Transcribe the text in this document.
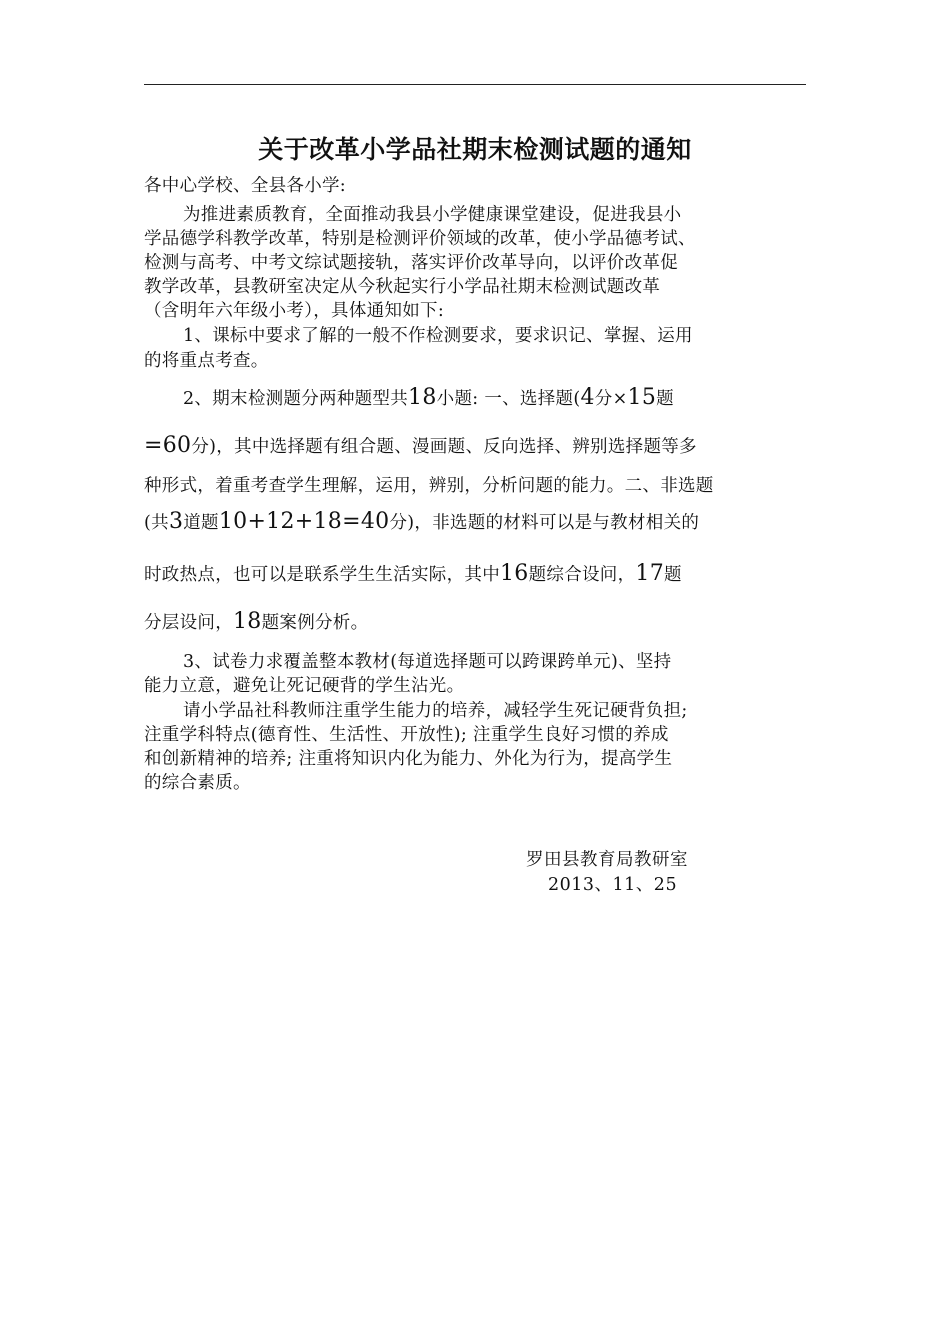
关于改革小学品社期末检测试题的通知
各中心学校、全县各小学:
为推进素质教育，全面推动我县小学健康课堂建设，促进我县小
学品德学科教学改革，特别是检测评价领域的改革，使小学品德考试、
检测与高考、中考文综试题接轨，落实评价改革导向，以评价改革促
教学改革，县教研室决定从今秋起实行小学品社期末检测试题改革
（含明年六年级小考），具体通知如下:
1、课标中要求了解的一般不作检测要求，要求识记、掌握、运用
的将重点考查。
2、期末检测题分两种题型共18小题: 一、选择题(4分×15题
=60分)，其中选择题有组合题、漫画题、反向选择、辨别选择题等多
种形式，着重考查学生理解，运用，辨别，分析问题的能力。二、非选题
(共3道题10+12+18=40分)，非选题的材料可以是与教材相关的
时政热点，也可以是联系学生生活实际，其中16题综合设问，17题
分层设问，18题案例分析。
3、试卷力求覆盖整本教材(每道选择题可以跨课跨单元)、坚持
能力立意，避免让死记硬背的学生沾光。
请小学品社科教师注重学生能力的培养，减轻学生死记硬背负担;
注重学科特点(德育性、生活性、开放性); 注重学生良好习惯的养成
和创新精神的培养; 注重将知识内化为能力、外化为行为，提高学生
的综合素质。
罗田县教育局教研室
2013、11、25
